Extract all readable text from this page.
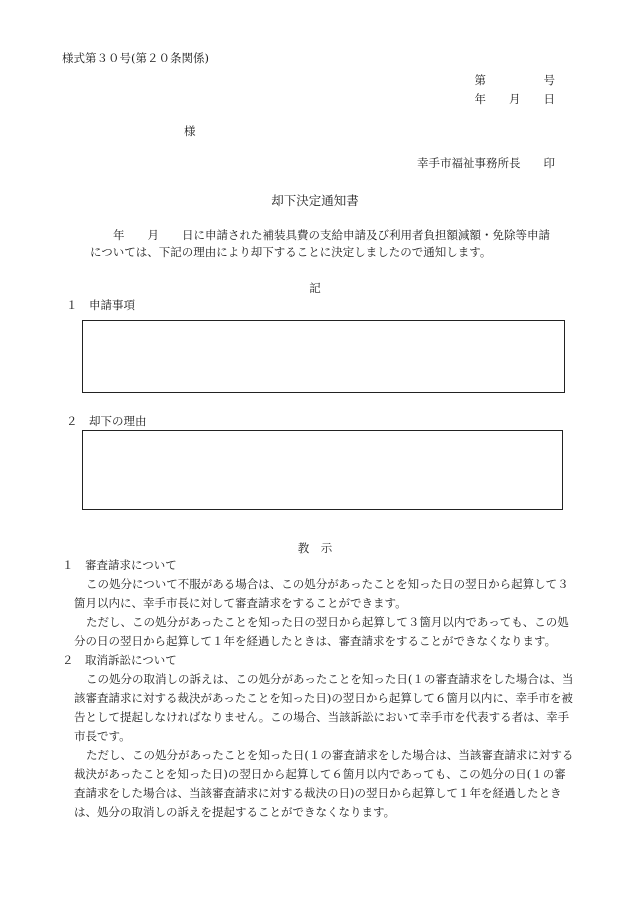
様式第３０号(第２０条関係)
第　　　　　号
年　　月　　日
様
幸手市福祉事務所長　　印
却下決定通知書

　　年　　月　　日に申請された補装具費の支給申請及び利用者負担額減額・免除等申請

については、下記の理由により却下することに決定しましたので通知します。

記
１　申請事項
２　却下の理由
教　示

１　審査請求について

この処分について不服がある場合は、この処分があったことを知った日の翌日から起算して３箇月以内に、幸手市長に対して審査請求をすることができます。

ただし、この処分があったことを知った日の翌日から起算して３箇月以内であっても、この処分の日の翌日から起算して１年を経過したときは、審査請求をすることができなくなります。

２　取消訴訟について

この処分の取消しの訴えは、この処分があったことを知った日(１の審査請求をした場合は、当該審査請求に対する裁決があったことを知った日)の翌日から起算して６箇月以内に、幸手市を被告として提起しなければなりません。この場合、当該訴訟において幸手市を代表する者は、幸手市長です。

ただし、この処分があったことを知った日(１の審査請求をした場合は、当該審査請求に対する裁決があったことを知った日)の翌日から起算して６箇月以内であっても、この処分の日(１の審査請求をした場合は、当該審査請求に対する裁決の日)の翌日から起算して１年を経過したときは、処分の取消しの訴えを提起することができなくなります。
